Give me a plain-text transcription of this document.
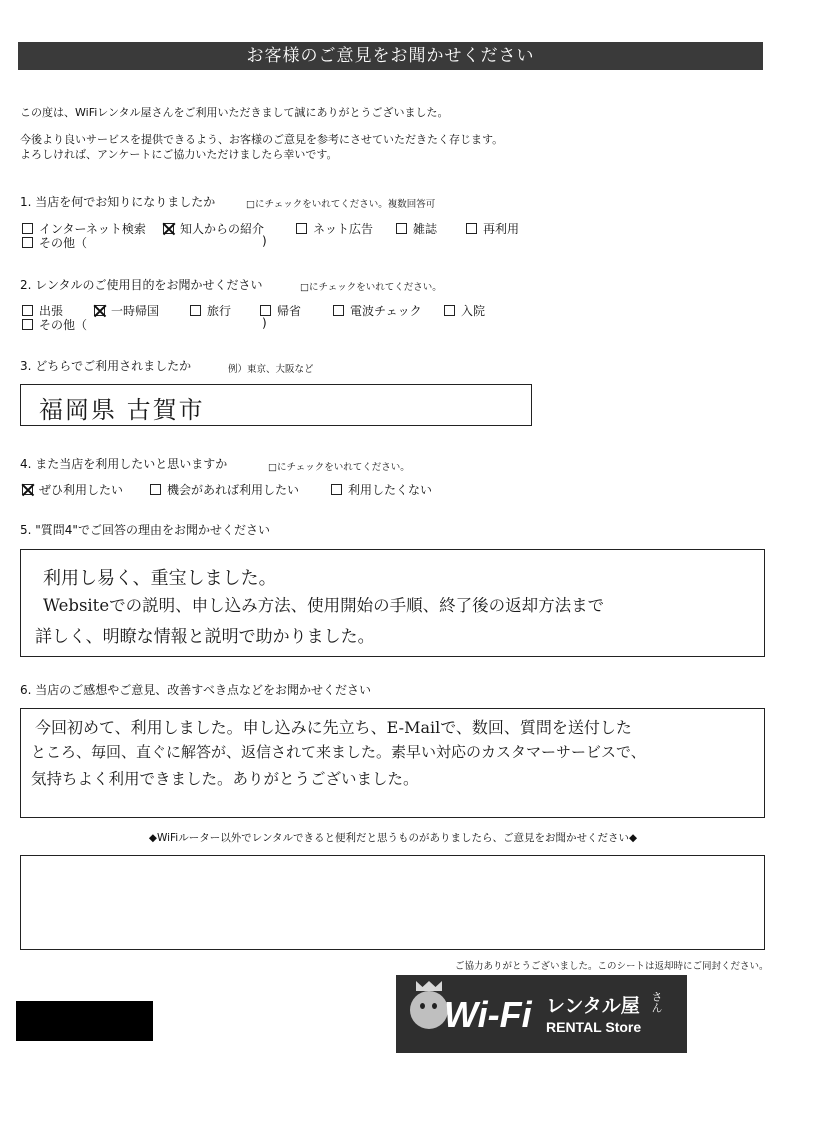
お客様のご意見をお聞かせください
この度は、WiFiレンタル屋さんをご利用いただきまして誠にありがとうございました。
今後より良いサービスを提供できるよう、お客様のご意見を参考にさせていただきたく存じます。
よろしければ、アンケートにご協力いただけましたら幸いです。
1. 当店を何でお知りになりましたか	□にチェックをいれてください。複数回答可
インターネット検索	知人からの紹介	ネット広告	雑誌	再利用
その他（	)
2. レンタルのご使用目的をお聞かせください	□にチェックをいれてください。
出張	一時帰国	旅行	帰省	電波チェック	入院
その他（	)
3. どちらでご利用されましたか	例）東京、大阪など
福岡県 古賀市
4. また当店を利用したいと思いますか	□にチェックをいれてください。
ぜひ利用したい	機会があれば利用したい	利用したくない
5. "質問4"でご回答の理由をお聞かせください
利用し易く、重宝しました。
Websiteでの説明、申し込み方法、使用開始の手順、終了後の返却方法まで
詳しく、明瞭な情報と説明で助かりました。
6. 当店のご感想やご意見、改善すべき点などをお聞かせください
今回初めて、利用しました。申し込みに先立ち、E-Mailで、数回、質問を送付した
ところ、毎回、直ぐに解答が、返信されて来ました。素早い対応のカスタマーサービスで、
気持ちよく利用できました。ありがとうございました。
◆WiFiルーター以外でレンタルできると便利だと思うものがありましたら、ご意見をお聞かせください◆
ご協力ありがとうございました。このシートは返却時にご同封ください。
Wi-Fi レンタル屋 さん
RENTAL Store
